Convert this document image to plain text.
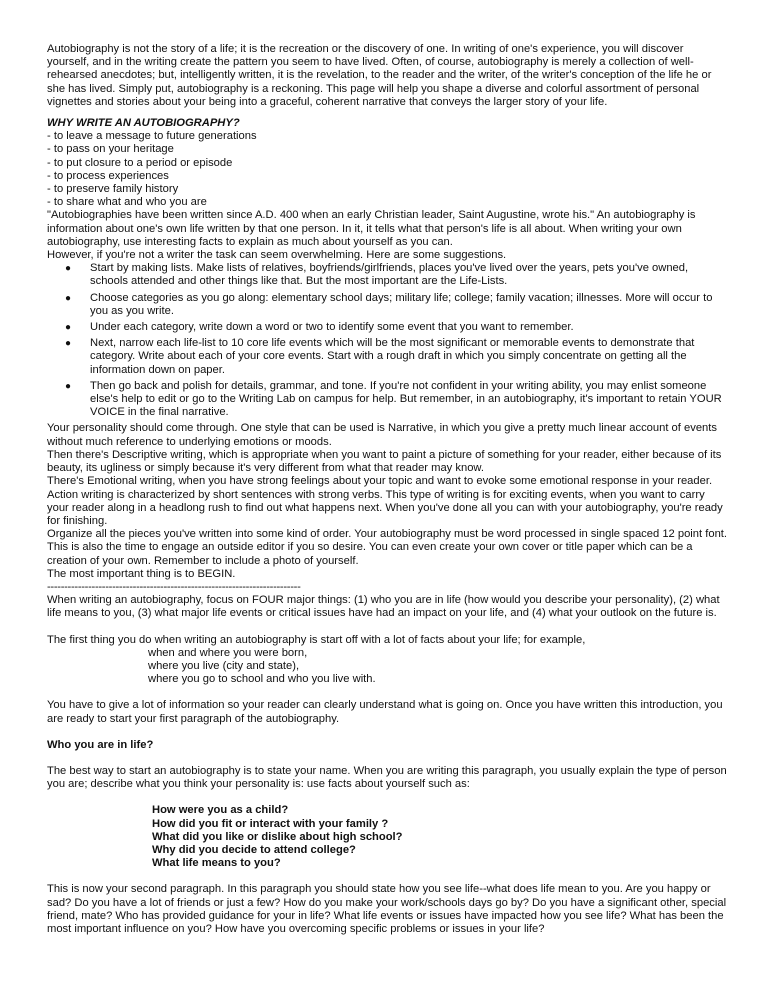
Autobiography is not the story of a life; it is the recreation or the discovery of one. In writing of one's experience, you will discover yourself, and in the writing create the pattern you seem to have lived. Often, of course, autobiography is merely a collection of well-rehearsed anecdotes; but, intelligently written, it is the revelation, to the reader and the writer, of the writer's conception of the life he or she has lived. Simply put, autobiography is a reckoning. This page will help you shape a diverse and colorful assortment of personal vignettes and stories about your being into a graceful, coherent narrative that conveys the larger story of your life.

WHY WRITE AN AUTOBIOGRAPHY?

- to leave a message to future generations
- to pass on your heritage
- to put closure to a period or episode
- to process experiences
- to preserve family history
- to share what and who you are

"Autobiographies have been written since A.D. 400 when an early Christian leader, Saint Augustine, wrote his." An autobiography is information about one's own life written by that one person. In it, it tells what that person's life is all about. When writing your own autobiography, use interesting facts to explain as much about yourself as you can.

However, if you're not a writer the task can seem overwhelming. Here are some suggestions.

● Start by making lists. Make lists of relatives, boyfriends/girlfriends, places you've lived over the years, pets you've owned, schools attended and other things like that. But the most important are the Life-Lists.
● Choose categories as you go along: elementary school days; military life; college; family vacation; illnesses. More will occur to you as you write.
● Under each category, write down a word or two to identify some event that you want to remember.
● Next, narrow each life-list to 10 core life events which will be the most significant or memorable events to demonstrate that category. Write about each of your core events. Start with a rough draft in which you simply concentrate on getting all the information down on paper.
● Then go back and polish for details, grammar, and tone. If you're not confident in your writing ability, you may enlist someone else's help to edit or go to the Writing Lab on campus for help. But remember, in an autobiography, it's important to retain YOUR VOICE in the final narrative.

Your personality should come through. One style that can be used is Narrative, in which you give a pretty much linear account of events without much reference to underlying emotions or moods.

Then there's Descriptive writing, which is appropriate when you want to paint a picture of something for your reader, either because of its beauty, its ugliness or simply because it's very different from what that reader may know.

There's Emotional writing, when you have strong feelings about your topic and want to evoke some emotional response in your reader.

Action writing is characterized by short sentences with strong verbs. This type of writing is for exciting events, when you want to carry your reader along in a headlong rush to find out what happens next. When you've done all you can with your autobiography, you're ready for finishing.

Organize all the pieces you've written into some kind of order. Your autobiography must be word processed in single spaced 12 point font. This is also the time to engage an outside editor if you so desire. You can even create your own cover or title paper which can be a creation of your own. Remember to include a photo of yourself.

The most important thing is to BEGIN.

--------------------------------------------------------------------------

When writing an autobiography, focus on FOUR major things: (1) who you are in life (how would you describe your personality), (2) what life means to you, (3) what major life events or critical issues have had an impact on your life, and (4) what your outlook on the future is.

The first thing you do when writing an autobiography is start off with a lot of facts about your life; for example,

when and where you were born,
where you live (city and state),
where you go to school and who you live with.

You have to give a lot of information so your reader can clearly understand what is going on. Once you have written this introduction, you are ready to start your first paragraph of the autobiography.

Who you are in life?

The best way to start an autobiography is to state your name. When you are writing this paragraph, you usually explain the type of person you are; describe what you think your personality is: use facts about yourself such as:

How were you as a child?
How did you fit or interact with your family ?
What did you like or dislike about high school?
Why did you decide to attend college?
What life means to you?

This is now your second paragraph. In this paragraph you should state how you see life--what does life mean to you. Are you happy or sad? Do you have a lot of friends or just a few? How do you make your work/schools days go by? Do you have a significant other, special friend, mate? Who has provided guidance for your in life? What life events or issues have impacted how you see life? What has been the most important influence on you? How have you overcoming specific problems or issues in your life?
